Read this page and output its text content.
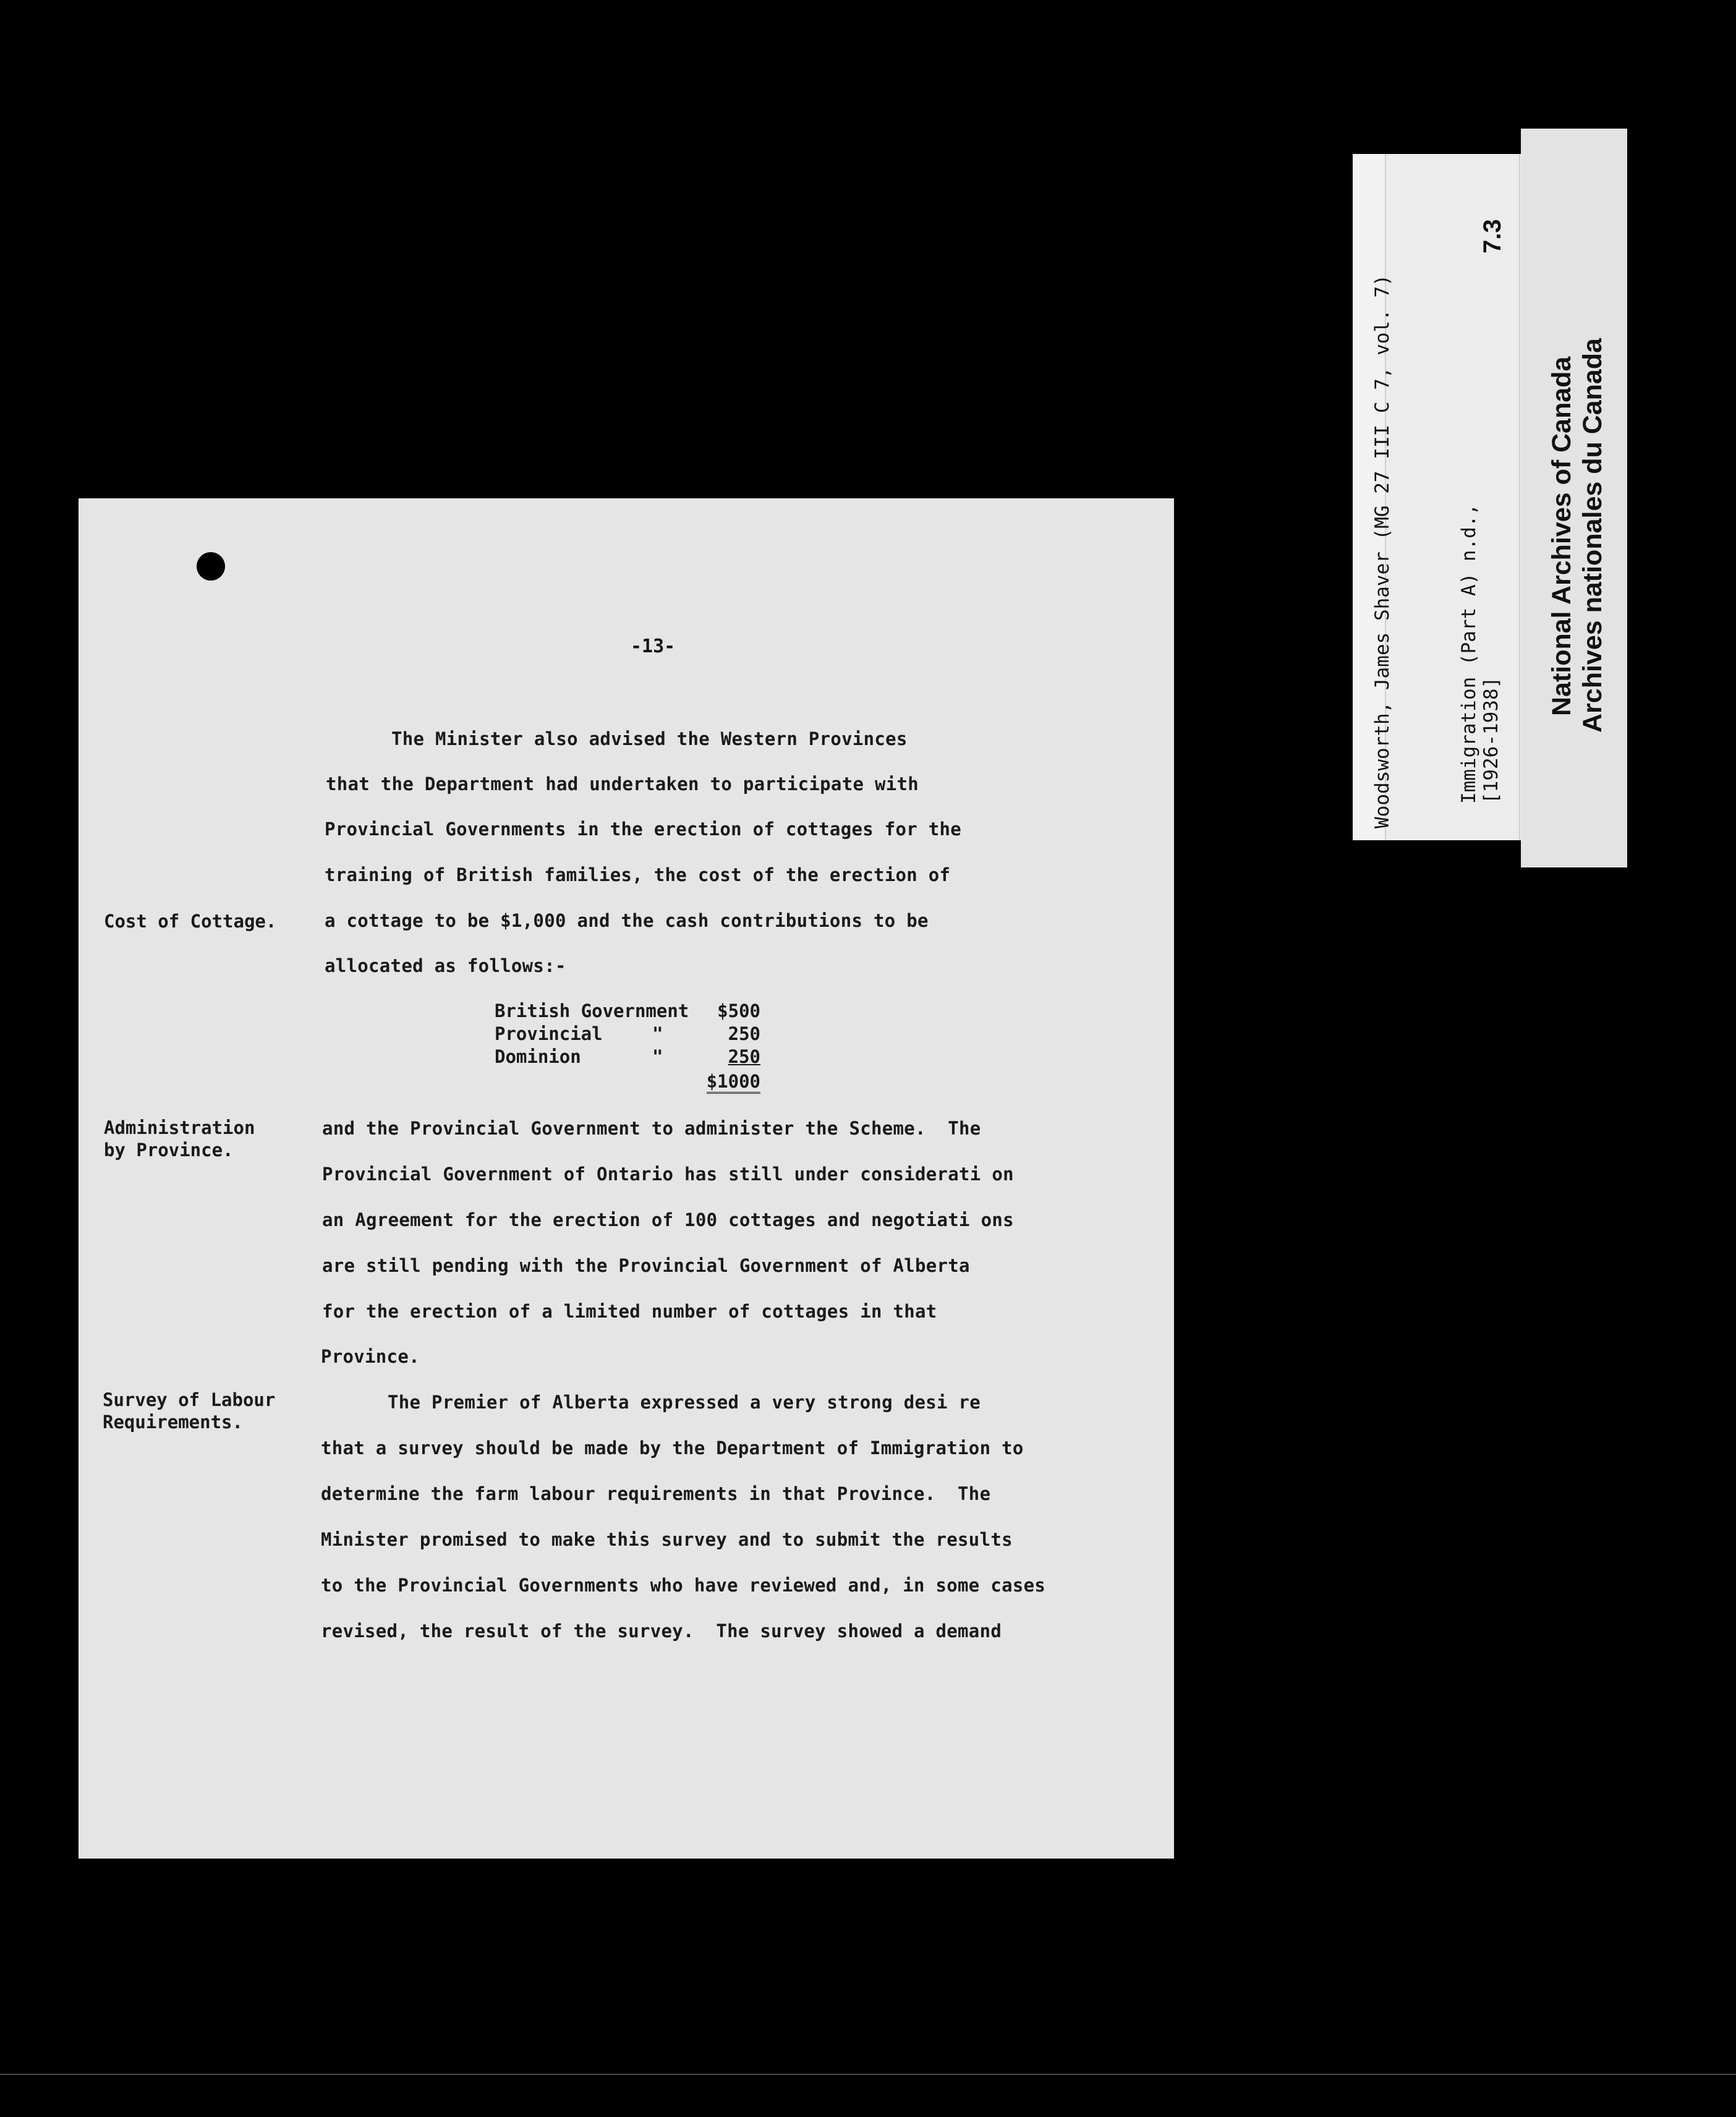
-13-
The Minister also advised the Western Provinces
that the Department had undertaken to participate with
Provincial Governments in the erection of cottages for the
training of British families, the cost of the erection of
a cottage to be $1,000 and the cash contributions to be
allocated as follows:-
Cost of Cottage.
British Government	$500
Provincial	"	250
Dominion	"	250
$1000
Administration
by Province.
and the Provincial Government to administer the Scheme.  The
Provincial Government of Ontario has still under considerati on
an Agreement for the erection of 100 cottages and negotiati ons
are still pending with the Provincial Government of Alberta
for the erection of a limited number of cottages in that
Province.
Survey of Labour
Requirements.
The Premier of Alberta expressed a very strong desi re
that a survey should be made by the Department of Immigration to
determine the farm labour requirements in that Province.  The
Minister promised to make this survey and to submit the results
to the Provincial Governments who have reviewed and, in some cases
revised, the result of the survey.  The survey showed a demand
Woodsworth, James Shaver (MG 27 III C 7, vol. 7)	Immigration (Part A) n.d., [1926-1938]
7.3
National Archives of Canada Archives nationales du Canada
